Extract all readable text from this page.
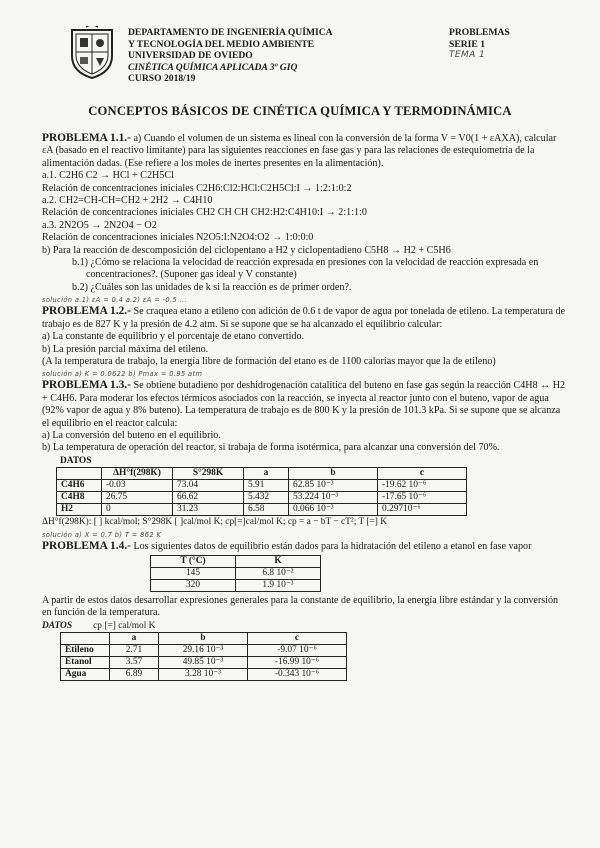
DEPARTAMENTO DE INGENIERÍA QUÍMICA
Y TECNOLOGÍA DEL MEDIO AMBIENTE
UNIVERSIDAD DE OVIEDO
CINÉTICA QUÍMICA APLICADA 3º GIQ
CURSO 2018/19
PROBLEMAS
SERIE 1
TEMA 1
CONCEPTOS BÁSICOS DE CINÉTICA QUÍMICA Y TERMODINÁMICA

PROBLEMA 1.1.- a) Cuando el volumen de un sistema es lineal con la conversión de la forma V = V0(1 + εAXA), calcular εA (basado en el reactivo limitante) para las siguientes reacciones en fase gas y para las relaciones de estequiometría de la alimentación dadas. (Ese refiere a los moles de inertes presentes en la alimentación).

a.1. C2H6 C2 → HCl + C2H5Cl

Relación de concentraciones iniciales C2H6:Cl2:HCl:C2H5Cl:I → 1:2:1:0:2

a.2. CH2=CH-CH=CH2 + 2H2 → C4H10

Relación de concentraciones iniciales CH2 CH CH CH2:H2:C4H10:I → 2:1:1:0

a.3. 2N2O5 → 2N2O4 − O2

Relación de concentraciones iniciales N2O5:I:N2O4:O2 → 1:0:0:0

b) Para la reacción de descomposición del ciclopentano a H2 y ciclopentadieno C5H8 → H2 + C5H6

b.1) ¿Cómo se relaciona la velocidad de reacción expresada en presiones con la velocidad de reacción expresada en concentraciones?. (Suponer gas ideal y V constante)

b.2) ¿Cuáles son las unidades de k si la reacción es de primer orden?.

solución a.1) εA = 0.4 a.2) εA = -0.5 ...

PROBLEMA 1.2.- Se craquea etano a etileno con adición de 0.6 t de vapor de agua por tonelada de etileno. La temperatura de trabajo es de 827 K y la presión de 4.2 atm. Si se supone que se ha alcanzado el equilibrio calcular:

a) La constante de equilibrio y el porcentaje de etano convertido.

b) La presión parcial máxima del etileno.

(A la temperatura de trabajo, la energía libre de formación del etano es de 1100 calorías mayor que la de etileno)

solución a) K = 0.0622 b) Pmax = 0.95 atm

PROBLEMA 1.3.- Se obtiene butadieno por deshidrogenación catalítica del buteno en fase gas según la reacción C4H8 ↔ H2 + C4H6. Para moderar los efectos térmicos asociados con la reacción, se inyecta al reactor junto con el buteno, vapor de agua (92% vapor de agua y 8% buteno). La temperatura de trabajo es de 800 K y la presión de 101.3 kPa. Si se supone que se alcanza el equilibrio en el reactor calcula:

a) La conversión del buteno en el equilibrio.

b) La temperatura de operación del reactor, si trabaja de forma isotérmica, para alcanzar una conversión del 70%.

DATOS

	ΔH°f(298K)	S°298K	a	b	c
C4H6	-0.03	73.04	5.91	62.85 10⁻³	-19.62 10⁻⁶
C4H8	26.75	66.62	5.432	53.224 10⁻³	-17.65 10⁻⁶
H2	0	31.23	6.58	0.066 10⁻³	0.29710⁻⁶

ΔH°f(298K): [ ] kcal/mol; S°298K [ ]cal/mol K; cp[=]cal/mol K; cp = a − bT − cT²; T [=] K

solución a) X = 0.7 b) T = 862 K

PROBLEMA 1.4.- Los siguientes datos de equilibrio están dados para la hidratación del etileno a etanol en fase vapor

T (°C)	K
145	6.8 10⁻²
320	1.9 10⁻³

A partir de estos datos desarrollar expresiones generales para la constante de equilibrio, la energía libre estándar y la conversión en función de la temperatura.

DATOS cp [=] cal/mol K

	a	b	c
Etileno	2.71	29.16 10⁻³	-9.07 10⁻⁶
Etanol	3.57	49.85 10⁻³	-16.99 10⁻⁶
Agua	6.89	3.28 10⁻³	-0.343 10⁻⁶
